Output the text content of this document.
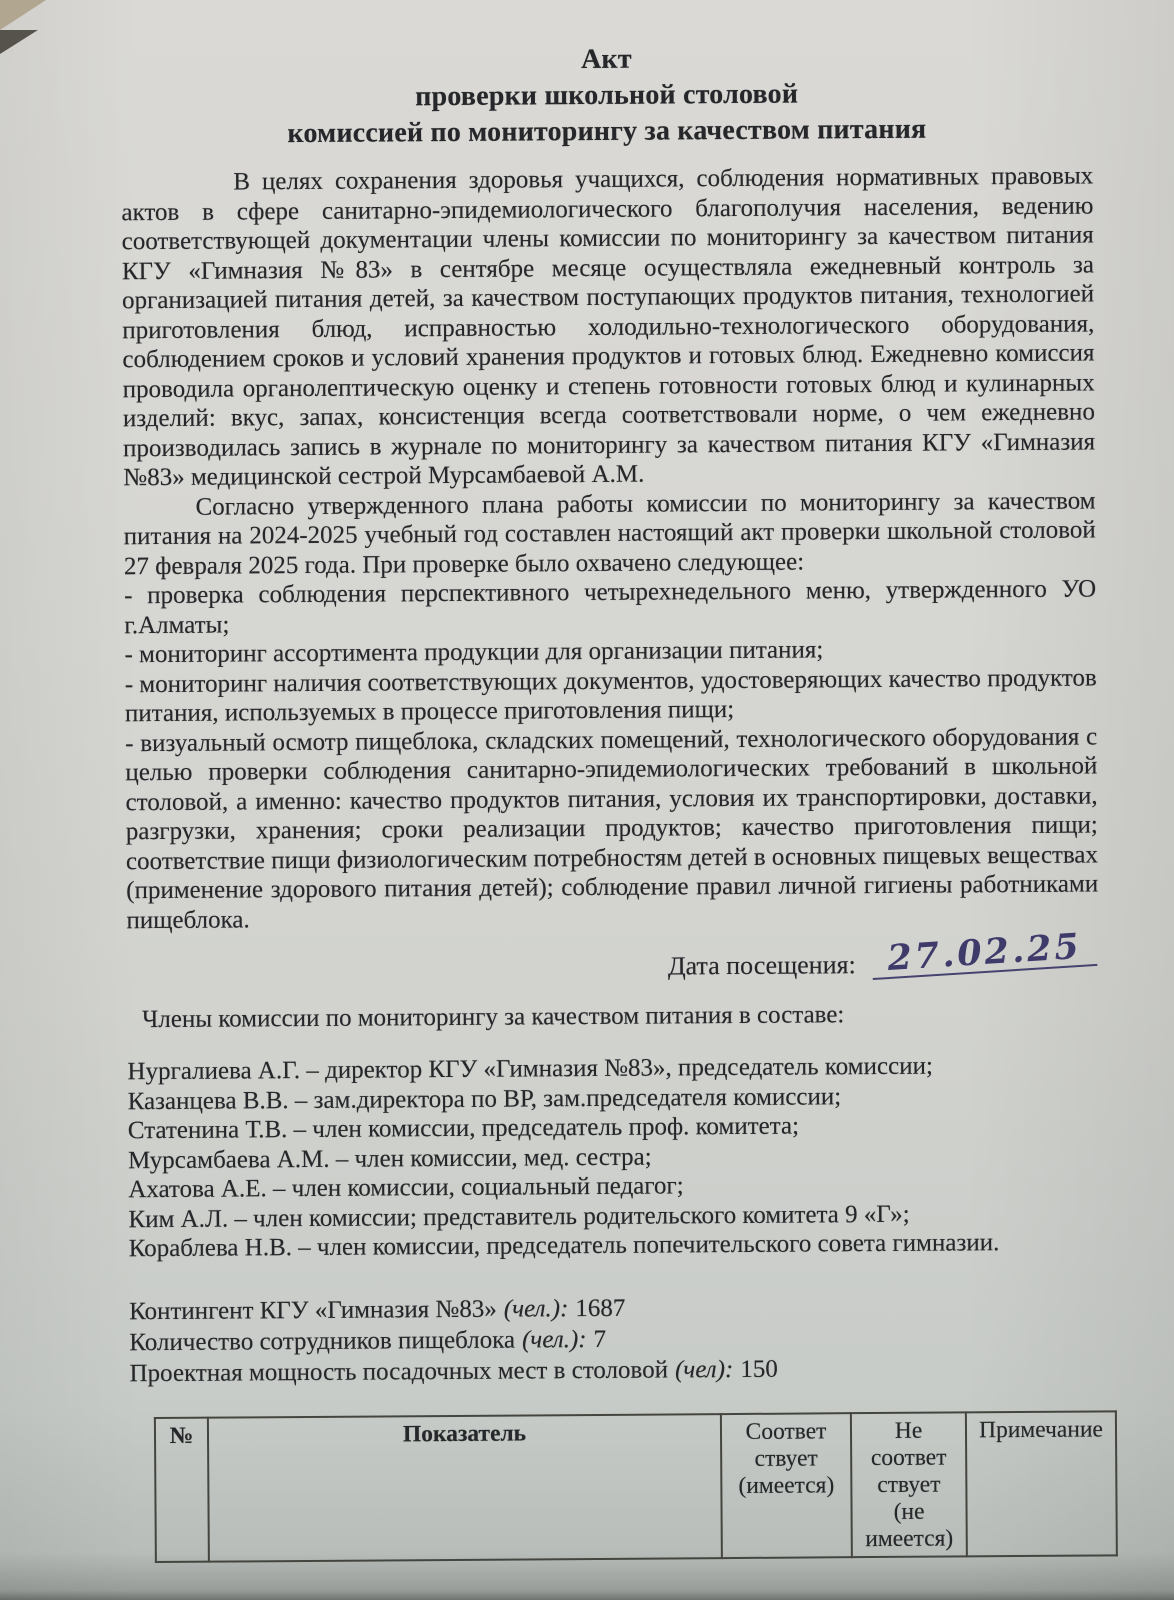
Акт
проверки школьной столовой
комиссией по мониторингу за качеством питания

В целях сохранения здоровья учащихся, соблюдения нормативных правовых актов в сфере санитарно-эпидемиологического благополучия населения, ведению соответствующей документации члены комиссии по мониторингу за качеством питания КГУ «Гимназия №83» в сентябре месяце осуществляла ежедневный контроль за организацией питания детей, за качеством поступающих продуктов питания, технологией приготовления блюд, исправностью холодильно-технологического оборудования, соблюдением сроков и условий хранения продуктов и готовых блюд. Ежедневно комиссия проводила органолептическую оценку и степень готовности готовых блюд и кулинарных изделий: вкус, запах, консистенция всегда соответствовали норме, о чем ежедневно производилась запись в журнале по мониторингу за качеством питания КГУ «Гимназия №83» медицинской сестрой Мурсамбаевой А.М.

Согласно утвержденного плана работы комиссии по мониторингу за качеством питания на 2024-2025 учебный год составлен настоящий акт проверки школьной столовой 27 февраля 2025 года. При проверке было охвачено следующее:

- проверка соблюдения перспективного четырехнедельного меню, утвержденного УО г.Алматы;

- мониторинг ассортимента продукции для организации питания;

- мониторинг наличия соответствующих документов, удостоверяющих качество продуктов питания, используемых в процессе приготовления пищи;

- визуальный осмотр пищеблока, складских помещений, технологического оборудования с целью проверки соблюдения санитарно-эпидемиологических требований в школьной столовой, а именно: качество продуктов питания, условия их транспортировки, доставки, разгрузки, хранения; сроки реализации продуктов; качество приготовления пищи; соответствие пищи физиологическим потребностям детей в основных пищевых веществах (применение здорового питания детей); соблюдение правил личной гигиены работниками пищеблока.

Дата посещения: 27.02.25
Члены комиссии по мониторингу за качеством питания в составе:
Нургалиева А.Г. – директор КГУ «Гимназия №83», председатель комиссии;
Казанцева В.В. – зам.директора по ВР, зам.председателя комиссии;
Статенина Т.В. – член комиссии, председатель проф. комитета;
Мурсамбаева А.М. – член комиссии, мед. сестра;
Ахатова А.Е. – член комиссии, социальный педагог;
Ким А.Л. – член комиссии; представитель родительского комитета 9 «Г»;
Кораблева Н.В. – член комиссии, председатель попечительского совета гимназии.
Контингент КГУ «Гимназия №83» (чел.): 1687
Количество сотрудников пищеблока (чел.): 7
Проектная мощность посадочных мест в столовой (чел): 150
№	Показатель	Соответ
ствует
(имеется)	Не
соответ
ствует
(не
имеется)	Примечание
